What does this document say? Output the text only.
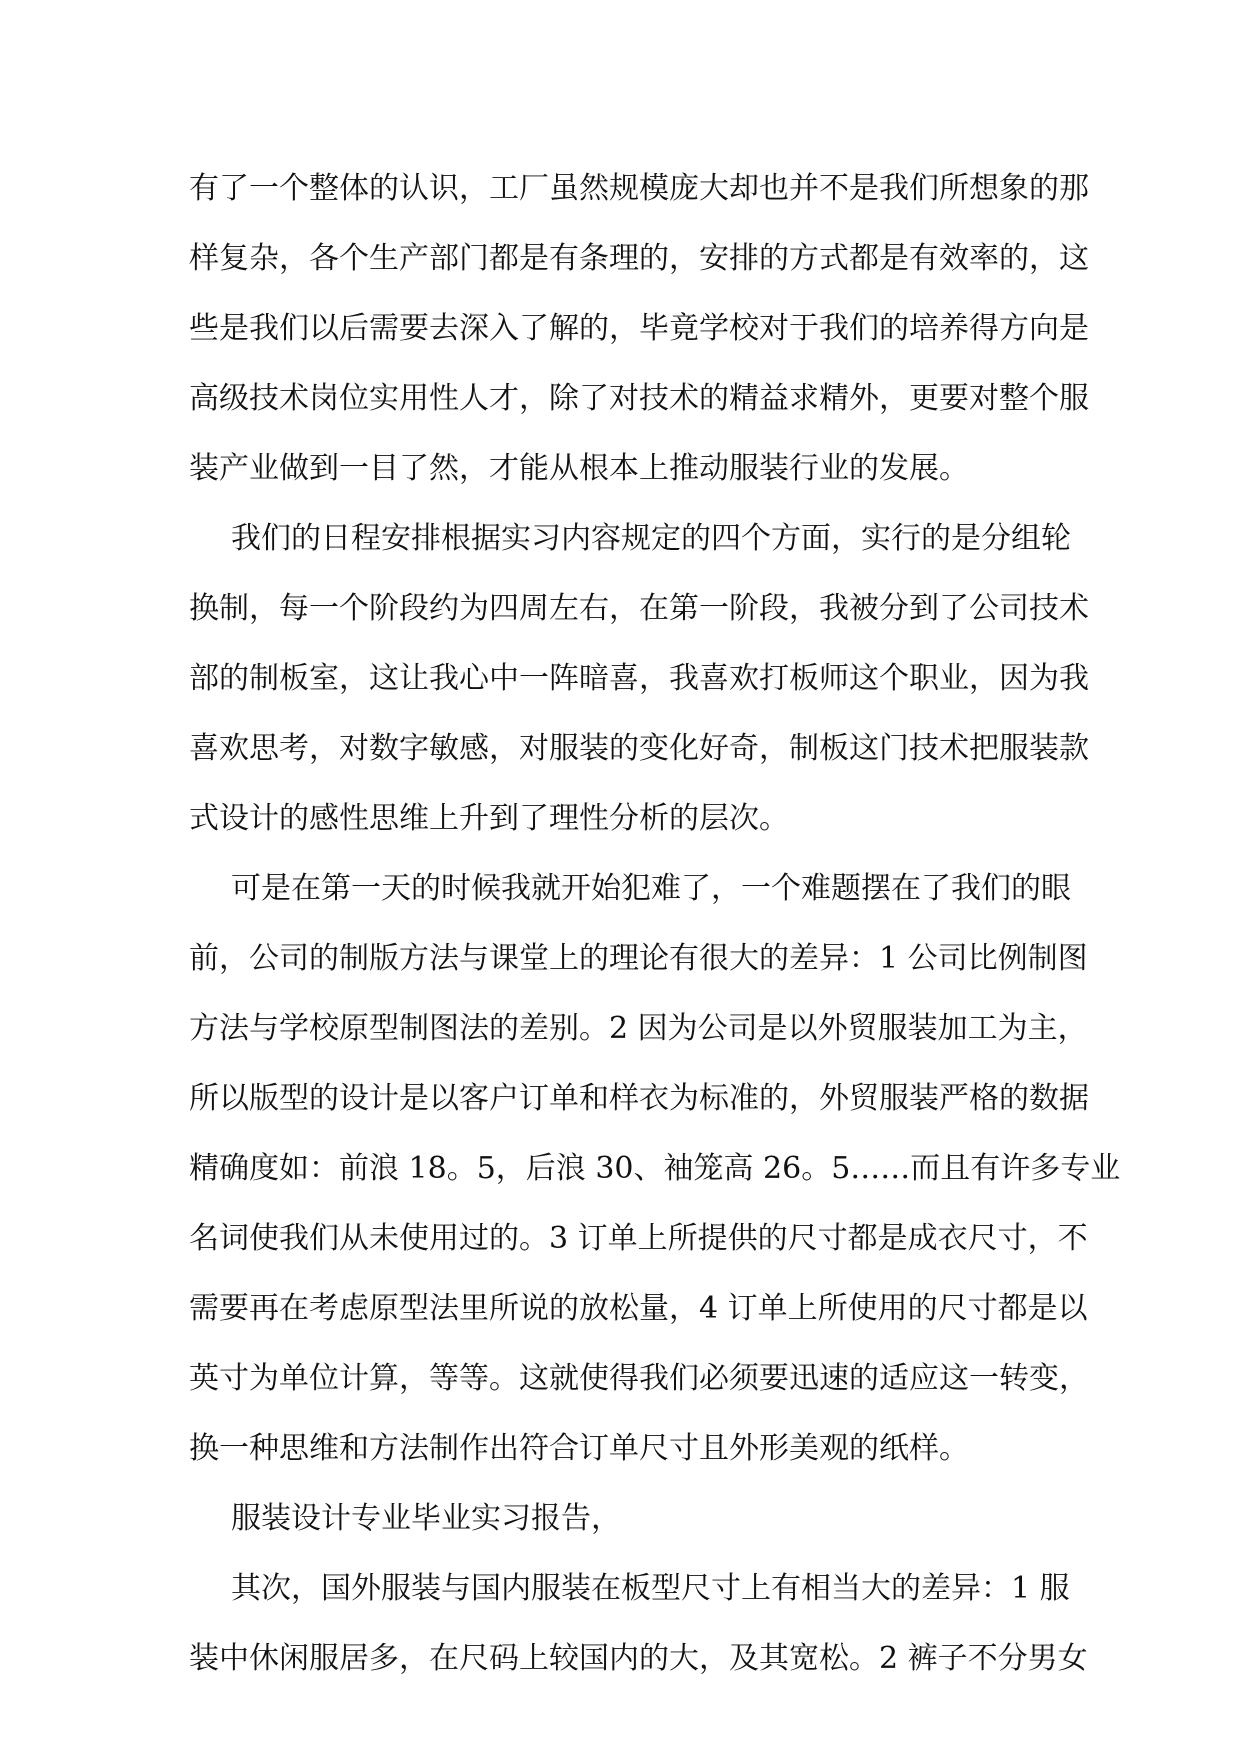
有了一个整体的认识，工厂虽然规模庞大却也并不是我们所想象的那
样复杂，各个生产部门都是有条理的，安排的方式都是有效率的，这
些是我们以后需要去深入了解的，毕竟学校对于我们的培养得方向是
高级技术岗位实用性人才，除了对技术的精益求精外，更要对整个服
装产业做到一目了然，才能从根本上推动服装行业的发展。
我们的日程安排根据实习内容规定的四个方面，实行的是分组轮
换制，每一个阶段约为四周左右，在第一阶段，我被分到了公司技术
部的制板室，这让我心中一阵暗喜，我喜欢打板师这个职业，因为我
喜欢思考，对数字敏感，对服装的变化好奇，制板这门技术把服装款
式设计的感性思维上升到了理性分析的层次。
可是在第一天的时候我就开始犯难了，一个难题摆在了我们的眼
前，公司的制版方法与课堂上的理论有很大的差异：1 公司比例制图
方法与学校原型制图法的差别。2 因为公司是以外贸服装加工为主，
所以版型的设计是以客户订单和样衣为标准的，外贸服装严格的数据
精确度如：前浪 18。5，后浪 30、袖笼高 26。5……而且有许多专业
名词使我们从未使用过的。3 订单上所提供的尺寸都是成衣尺寸，不
需要再在考虑原型法里所说的放松量，4 订单上所使用的尺寸都是以
英寸为单位计算，等等。这就使得我们必须要迅速的适应这一转变，
换一种思维和方法制作出符合订单尺寸且外形美观的纸样。
服装设计专业毕业实习报告，
其次，国外服装与国内服装在板型尺寸上有相当大的差异：1 服
装中休闲服居多，在尺码上较国内的大，及其宽松。2 裤子不分男女
